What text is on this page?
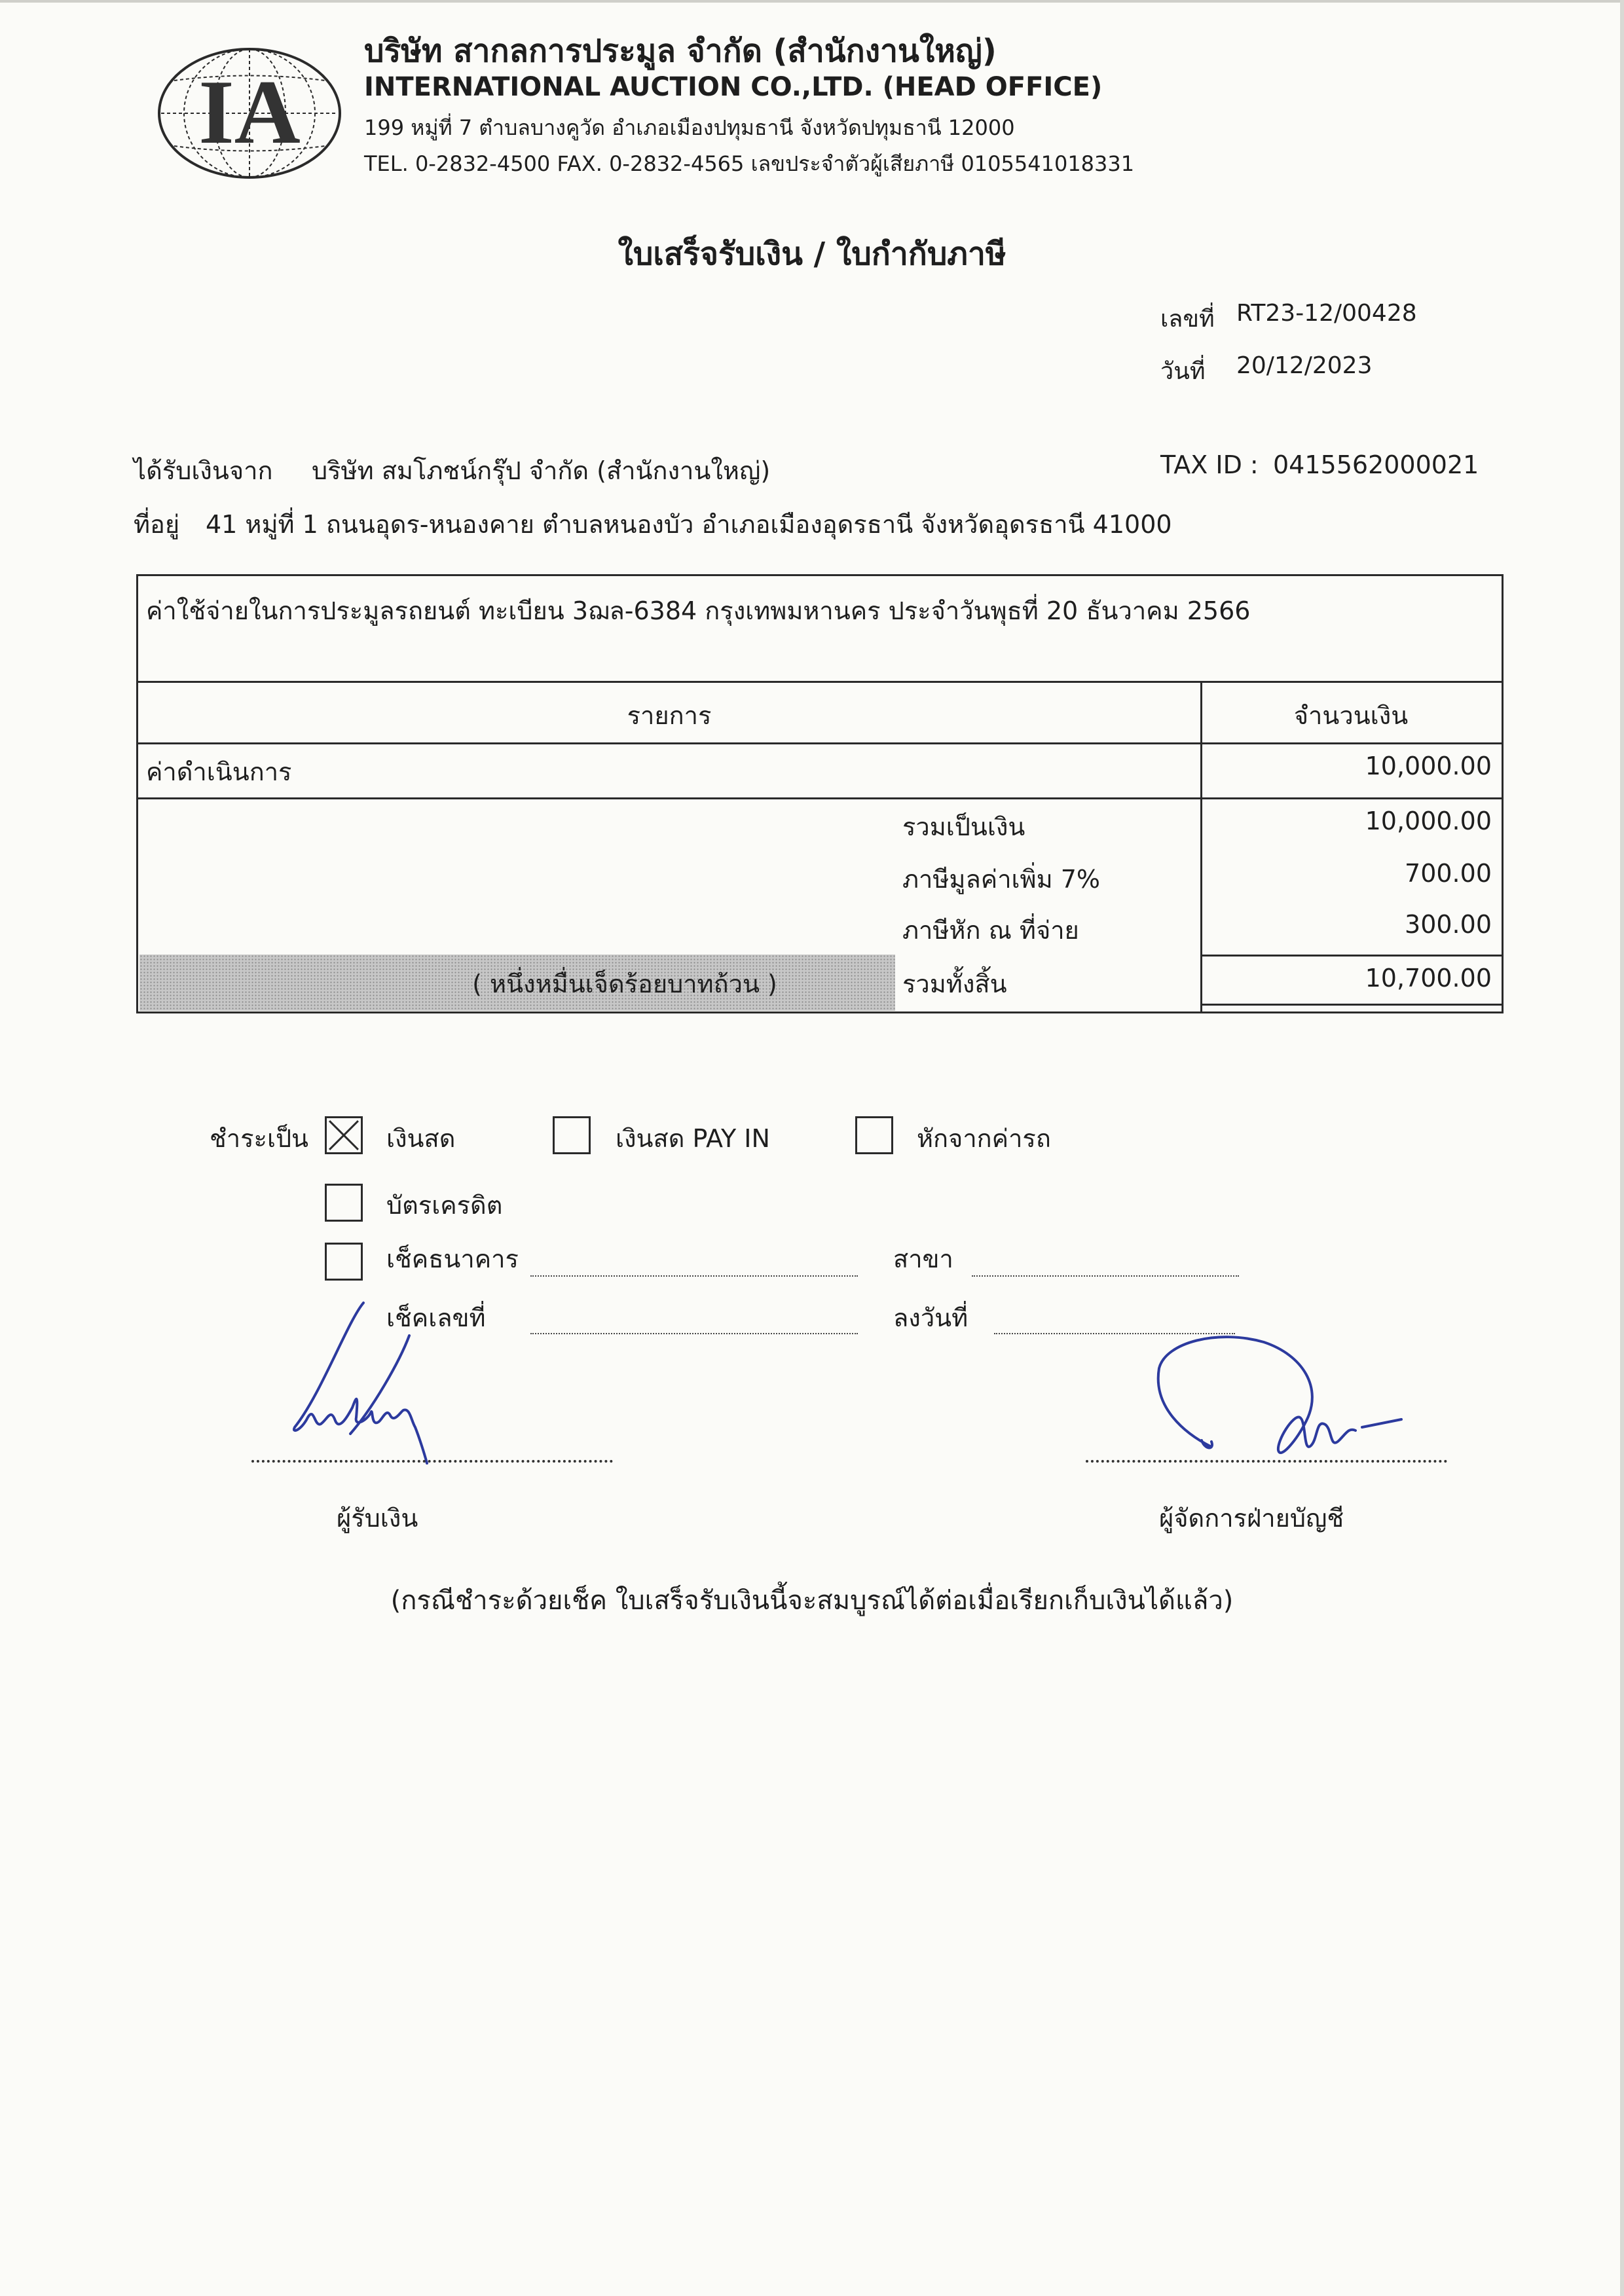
IA
บริษัท สากลการประมูล จำกัด (สำนักงานใหญ่)
INTERNATIONAL AUCTION CO.,LTD. (HEAD OFFICE)
199 หมู่ที่ 7 ตำบลบางคูวัด อำเภอเมืองปทุมธานี จังหวัดปทุมธานี 12000
TEL. 0-2832-4500 FAX. 0-2832-4565 เลขประจำตัวผู้เสียภาษี 0105541018331
ใบเสร็จรับเงิน / ใบกำกับภาษี
เลขที่ RT23-12/00428
วันที่ 20/12/2023
ได้รับเงินจาก บริษัท สมโภชน์กรุ๊ป จำกัด (สำนักงานใหญ่)	TAX ID : 0415562000021
ที่อยู่ 41 หมู่ที่ 1 ถนนอุดร-หนองคาย ตำบลหนองบัว อำเภอเมืองอุดรธานี จังหวัดอุดรธานี 41000
ค่าใช้จ่ายในการประมูลรถยนต์ ทะเบียน 3ฌล-6384 กรุงเทพมหานคร ประจำวันพุธที่ 20 ธันวาคม 2566
รายการ	จำนวนเงิน
ค่าดำเนินการ	10,000.00
รวมเป็นเงิน	10,000.00
ภาษีมูลค่าเพิ่ม 7%	700.00
ภาษีหัก ณ ที่จ่าย	300.00
( หนึ่งหมื่นเจ็ดร้อยบาทถ้วน )	รวมทั้งสิ้น	10,700.00
ชำระเป็น	เงินสด	เงินสด PAY IN	หักจากค่ารถ
บัตรเครดิต
เช็คธนาคาร	สาขา
เช็คเลขที่	ลงวันที่
ผู้รับเงิน	ผู้จัดการฝ่ายบัญชี
(กรณีชำระด้วยเช็ค ใบเสร็จรับเงินนี้จะสมบูรณ์ได้ต่อเมื่อเรียกเก็บเงินได้แล้ว)
